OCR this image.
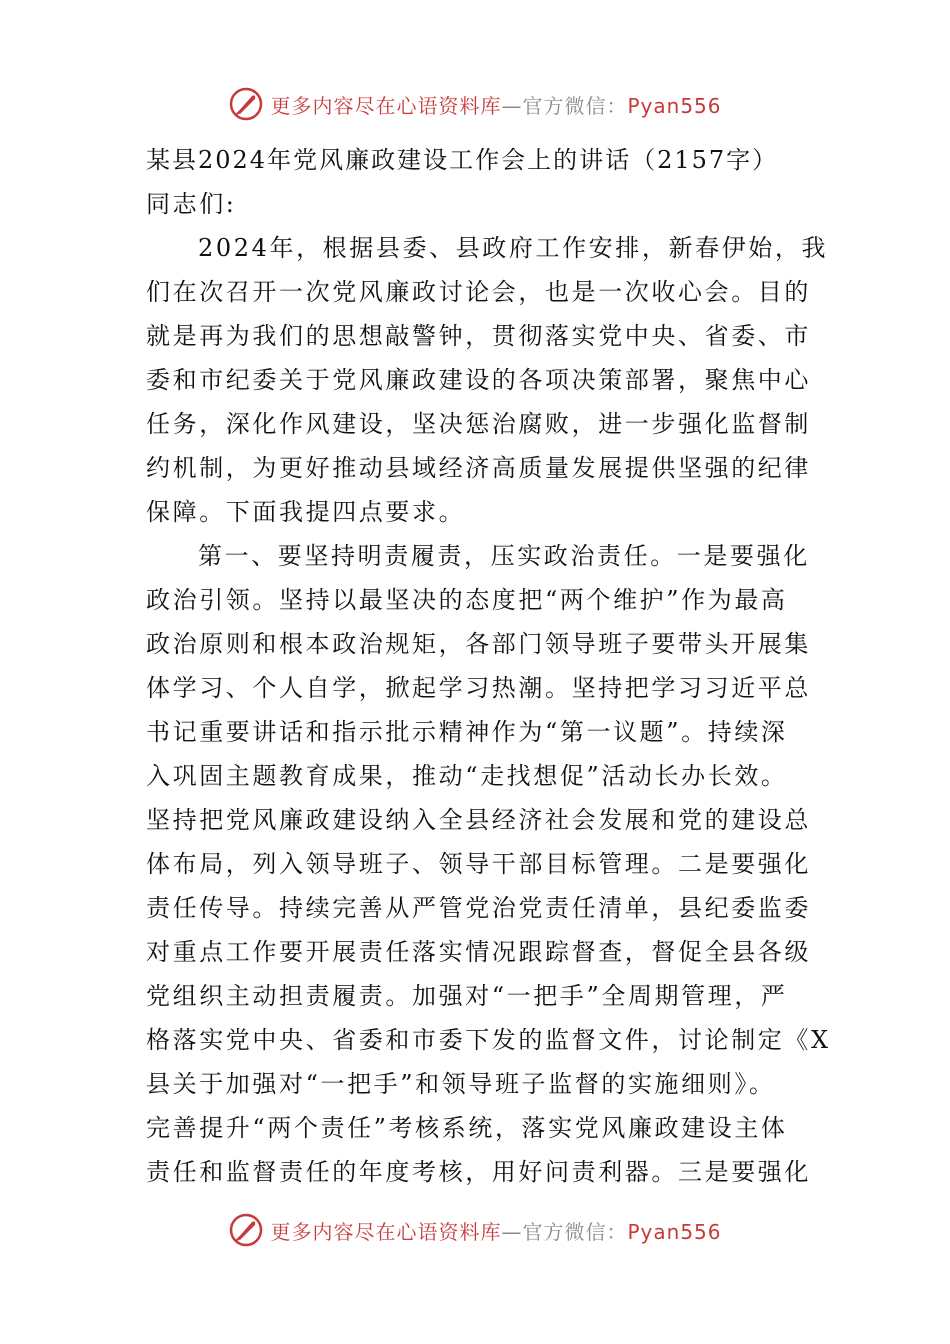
更多内容尽在心语资料库—官方微信：Pyan556
某县2024年党风廉政建设工作会上的讲话（2157字）
同志们:
2024年，根据县委、县政府工作安排，新春伊始，我
们在次召开一次党风廉政讨论会，也是一次收心会。目的
就是再为我们的思想敲警钟，贯彻落实党中央、省委、市
委和市纪委关于党风廉政建设的各项决策部署，聚焦中心
任务，深化作风建设，坚决惩治腐败，进一步强化监督制
约机制，为更好推动县域经济高质量发展提供坚强的纪律
保障。下面我提四点要求。
第一、要坚持明责履责，压实政治责任。一是要强化
政治引领。坚持以最坚决的态度把“两个维护”作为最高
政治原则和根本政治规矩，各部门领导班子要带头开展集
体学习、个人自学，掀起学习热潮。坚持把学习习近平总
书记重要讲话和指示批示精神作为“第一议题”。持续深
入巩固主题教育成果，推动“走找想促”活动长办长效。
坚持把党风廉政建设纳入全县经济社会发展和党的建设总
体布局，列入领导班子、领导干部目标管理。二是要强化
责任传导。持续完善从严管党治党责任清单，县纪委监委
对重点工作要开展责任落实情况跟踪督查，督促全县各级
党组织主动担责履责。加强对“一把手”全周期管理，严
格落实党中央、省委和市委下发的监督文件，讨论制定《X
县关于加强对“一把手”和领导班子监督的实施细则》。
完善提升“两个责任”考核系统，落实党风廉政建设主体
责任和监督责任的年度考核，用好问责利器。三是要强化
更多内容尽在心语资料库—官方微信：Pyan556
